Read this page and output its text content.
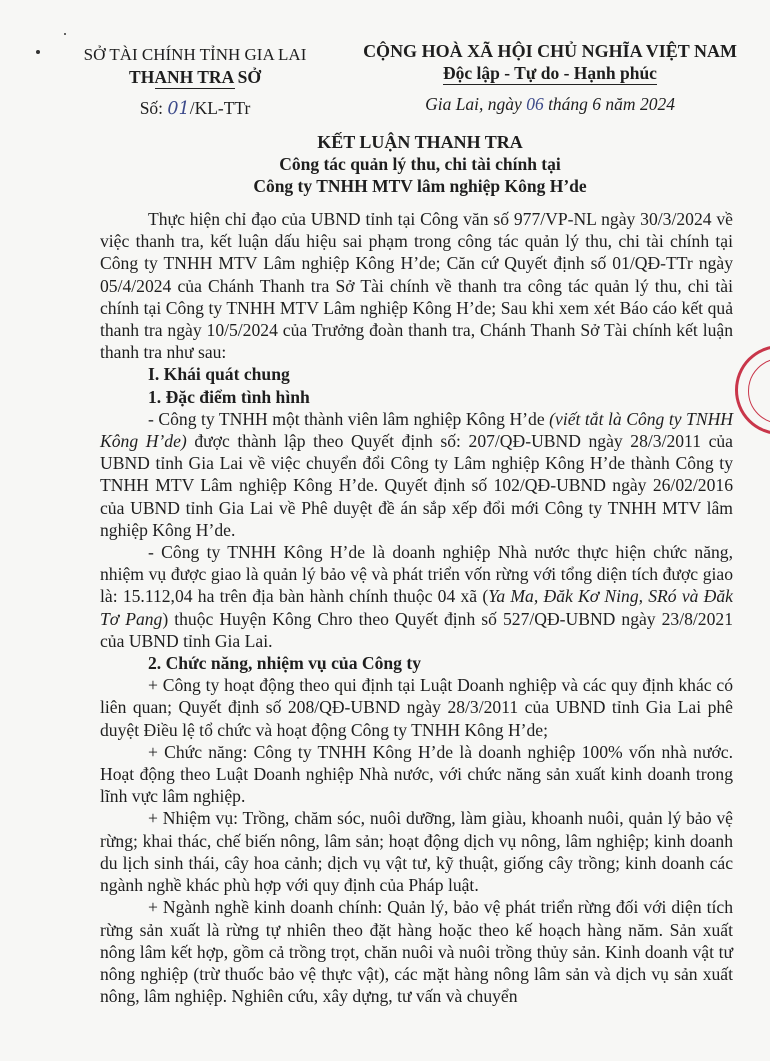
SỞ TÀI CHÍNH TỈNH GIA LAI
THANH TRA SỞ
Số: 01/KL-TTr
CỘNG HOÀ XÃ HỘI CHỦ NGHĨA VIỆT NAM
Độc lập - Tự do - Hạnh phúc
Gia Lai, ngày 06 tháng 6 năm 2024
KẾT LUẬN THANH TRA
Công tác quản lý thu, chi tài chính tại
Công ty TNHH MTV lâm nghiệp Kông H’de

Thực hiện chỉ đạo của UBND tỉnh tại Công văn số 977/VP-NL ngày 30/3/2024 về việc thanh tra, kết luận dấu hiệu sai phạm trong công tác quản lý thu, chi tài chính tại Công ty TNHH MTV Lâm nghiệp Kông H’de; Căn cứ Quyết định số 01/QĐ-TTr ngày 05/4/2024 của Chánh Thanh tra Sở Tài chính về thanh tra công tác quản lý thu, chi tài chính tại Công ty TNHH MTV Lâm nghiệp Kông H’de; Sau khi xem xét Báo cáo kết quả thanh tra ngày 10/5/2024 của Trưởng đoàn thanh tra, Chánh Thanh Sở Tài chính kết luận thanh tra như sau:

I. Khái quát chung
1. Đặc điểm tình hình

- Công ty TNHH một thành viên lâm nghiệp Kông H’de (viết tắt là Công ty TNHH Kông H’de) được thành lập theo Quyết định số: 207/QĐ-UBND ngày 28/3/2011 của UBND tỉnh Gia Lai về việc chuyển đổi Công ty Lâm nghiệp Kông H’de thành Công ty TNHH MTV Lâm nghiệp Kông H’de. Quyết định số 102/QĐ-UBND ngày 26/02/2016 của UBND tỉnh Gia Lai về Phê duyệt đề án sắp xếp đổi mới Công ty TNHH MTV lâm nghiệp Kông H’de.

- Công ty TNHH Kông H’de là doanh nghiệp Nhà nước thực hiện chức năng, nhiệm vụ được giao là quản lý bảo vệ và phát triển vốn rừng với tổng diện tích được giao là: 15.112,04 ha trên địa bàn hành chính thuộc 04 xã (Ya Ma, Đăk Kơ Ning, SRó và Đăk Tơ Pang) thuộc Huyện Kông Chro theo Quyết định số 527/QĐ-UBND ngày 23/8/2021 của UBND tỉnh Gia Lai.

2. Chức năng, nhiệm vụ của Công ty

+ Công ty hoạt động theo qui định tại Luật Doanh nghiệp và các quy định khác có liên quan; Quyết định số 208/QĐ-UBND ngày 28/3/2011 của UBND tỉnh Gia Lai phê duyệt Điều lệ tổ chức và hoạt động Công ty TNHH Kông H’de;

+ Chức năng: Công ty TNHH Kông H’de là doanh nghiệp 100% vốn nhà nước. Hoạt động theo Luật Doanh nghiệp Nhà nước, với chức năng sản xuất kinh doanh trong lĩnh vực lâm nghiệp.

+ Nhiệm vụ: Trồng, chăm sóc, nuôi dưỡng, làm giàu, khoanh nuôi, quản lý bảo vệ rừng; khai thác, chế biến nông, lâm sản; hoạt động dịch vụ nông, lâm nghiệp; kinh doanh du lịch sinh thái, cây hoa cảnh; dịch vụ vật tư, kỹ thuật, giống cây trồng; kinh doanh các ngành nghề khác phù hợp với quy định của Pháp luật.

+ Ngành nghề kinh doanh chính: Quản lý, bảo vệ phát triển rừng đối với diện tích rừng sản xuất là rừng tự nhiên theo đặt hàng hoặc theo kế hoạch hàng năm. Sản xuất nông lâm kết hợp, gồm cả trồng trọt, chăn nuôi và nuôi trồng thủy sản. Kinh doanh vật tư nông nghiệp (trừ thuốc bảo vệ thực vật), các mặt hàng nông lâm sản và dịch vụ sản xuất nông, lâm nghiệp. Nghiên cứu, xây dựng, tư vấn và chuyển
